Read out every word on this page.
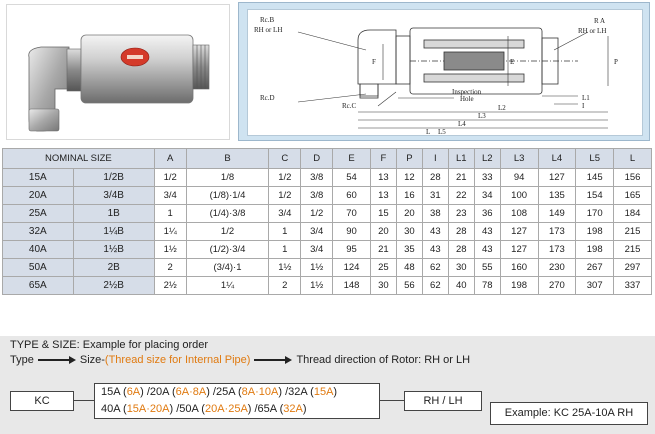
Rc.B
RH or LH
R A
RH or LH
Rc.D
Rc.C
Inspection
Hole
E	P
F
I
L1
L2
L3
L4
L5
L
NOMINAL SIZE		A	B	C	D	E	F	P	I	L1	L2	L3	L4	L5	L
15A	1/2B	1/2	1/8	1/2	3/8	54	13	12	28	21	33	94	127	145	156
20A	3/4B	3/4	(1/8)·1/4	1/2	3/8	60	13	16	31	22	34	100	135	154	165
25A	1B	1	(1/4)·3/8	3/4	1/2	70	15	20	38	23	36	108	149	170	184
32A	1¼B	1¼	1/2	1	3/4	90	20	30	43	28	43	127	173	198	215
40A	1½B	1½	(1/2)·3/4	1	3/4	95	21	35	43	28	43	127	173	198	215
50A	2B	2	(3/4)·1	1½	1½	124	25	48	62	30	55	160	230	267	297
65A	2½B	2½	1¼	2	1½	148	30	56	62	40	78	198	270	307	337
TYPE & SIZE: Example for placing order
Type	Size-(Thread size for Internal Pipe)	Thread direction of Rotor: RH or LH
KC
15A (6A) /20A (6A·8A) /25A (8A·10A) /32A (15A)
40A (15A·20A) /50A (20A·25A) /65A (32A)
RH / LH
Example: KC 25A-10A RH
